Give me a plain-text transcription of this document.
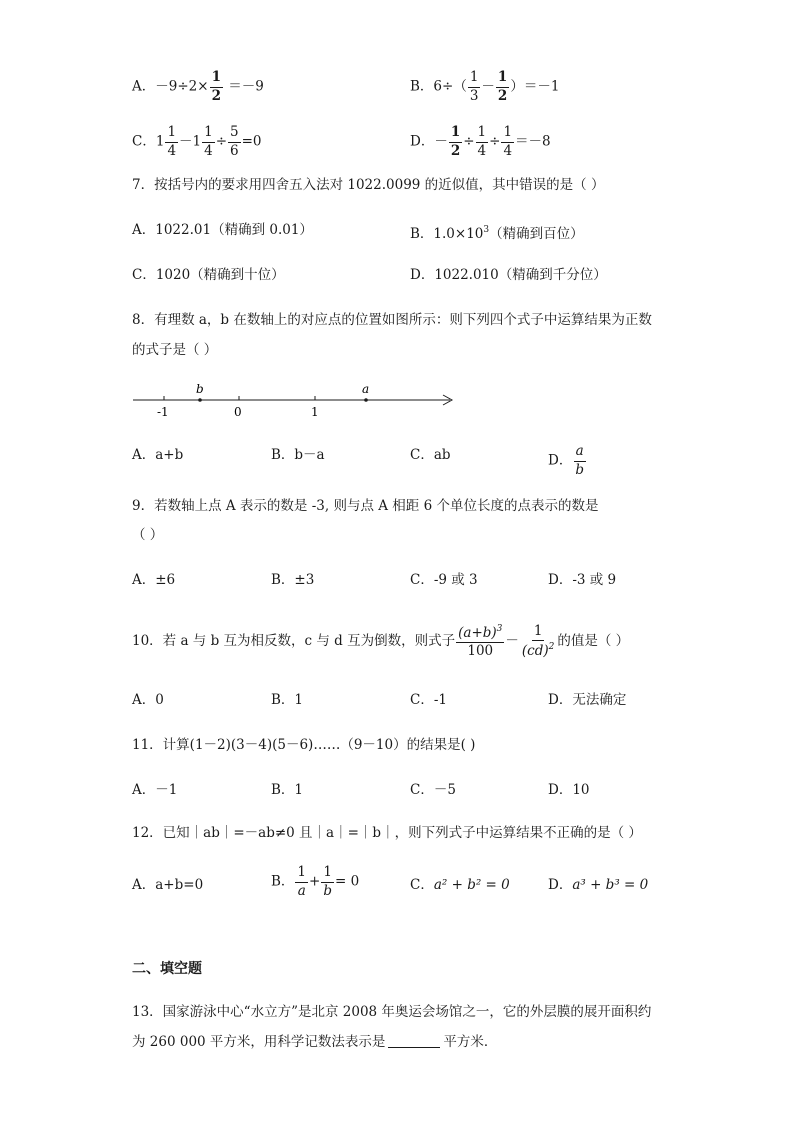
A．$-9\div 2\times \frac{1}{2} =-9$	B．$6\div( \frac{1}{3} - \frac{1}{2} )=-1$
C．$1 \frac{1}{4} -1 \frac{1}{4} \div \frac{5}{6} =0$	D．－ $\frac{1}{2} \div \frac{1}{4} \div \frac{1}{4} =-8$
7．按括号内的要求用四舍五入法对 1022.0099 的近似值，其中错误的是（ ）
A．1022.01（精确到 0.01）	B．$1.0\times 10^3$（精确到百位）
C．1020（精确到十位）	D．1022.010（精确到千分位）
8．有理数 a，b 在数轴上的对应点的位置如图所示：则下列四个式子中运算结果为正数
的式子是（ ）
-1	0	1
b	a
A．a+b	B．b－a	C．ab	D． $\frac{a}{b}$
9．若数轴上点 A 表示的数是 -3, 则与点 A 相距 6 个单位长度的点表示的数是
（ ）
A．±6	B．±3	C．-9 或 3	D．-3 或 9
10．若 a 与 b 互为相反数，c 与 d 互为倒数，则式子 $\frac{(a+b)^3}{100} - \frac{1}{(cd)^2}$ 的值是（ ）
A．0	B．1	C．-1	D．无法确定
11．计算(1－2)(3－4)(5－6)……（9－10）的结果是( )
A．－1	B．1	C．－5	D．10
12．已知｜ab｜=－ab≠0 且｜a｜=｜b｜，则下列式子中运算结果不正确的是（ ）
A．a+b=0	B． $\frac{1}{a} + \frac{1}{b} = 0$	C．a² + b² = 0	D．a³ + b³ = 0
二、填空题
13．国家游泳中心“水立方”是北京 2008 年奥运会场馆之一，它的外层膜的展开面积约
为 260 000 平方米，用科学记数法表示是	平方米．
